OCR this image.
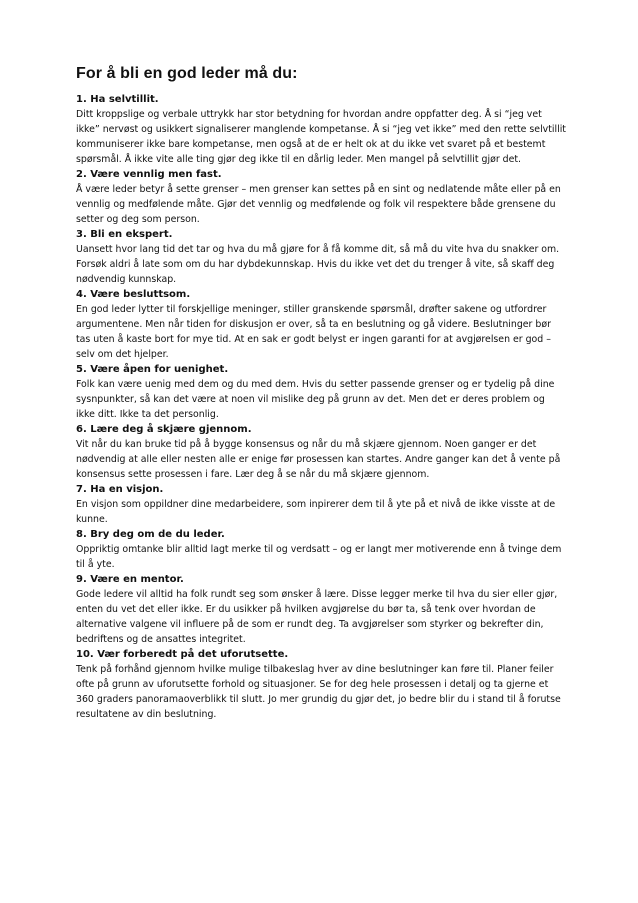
For å bli en god leder må du:

1. Ha selvtillit.

Ditt kroppslige og verbale uttrykk har stor betydning for hvordan andre oppfatter deg. Å si “jeg vet ikke” nervøst og usikkert signaliserer manglende kompetanse. Å si “jeg vet ikke” med den rette selvtillit kommuniserer ikke bare kompetanse, men også at de er helt ok at du ikke vet svaret på et bestemt spørsmål. Å ikke vite alle ting gjør deg ikke til en dårlig leder. Men mangel på selvtillit gjør det.

2. Være vennlig men fast.

Å være leder betyr å sette grenser – men grenser kan settes på en sint og nedlatende måte eller på en vennlig og medfølende måte. Gjør det vennlig og medfølende og folk vil respektere både grensene du setter og deg som person.

3. Bli en ekspert.

Uansett hvor lang tid det tar og hva du må gjøre for å få komme dit, så må du vite hva du snakker om. Forsøk aldri å late som om du har dybdekunnskap. Hvis du ikke vet det du trenger å vite, så skaff deg nødvendig kunnskap.

4. Være besluttsom.

En god leder lytter til forskjellige meninger, stiller granskende spørsmål, drøfter sakene og utfordrer argumentene. Men når tiden for diskusjon er over, så ta en beslutning og gå videre. Beslutninger bør tas uten å kaste bort for mye tid. At en sak er godt belyst er ingen garanti for at avgjørelsen er god – selv om det hjelper.

5. Være åpen for uenighet.

Folk kan være uenig med dem og du med dem. Hvis du setter passende grenser og er tydelig på dine sysnpunkter, så kan det være at noen vil mislike deg på grunn av det. Men det er deres problem og ikke ditt. Ikke ta det personlig.

6. Lære deg å skjære gjennom.

Vit når du kan bruke tid på å bygge konsensus og når du må skjære gjennom. Noen ganger er det nødvendig at alle eller nesten alle er enige før prosessen kan startes. Andre ganger kan det å vente på konsensus sette prosessen i fare. Lær deg å se når du må skjære gjennom.

7. Ha en visjon.

En visjon som oppildner dine medarbeidere, som inpirerer dem til å yte på et nivå de ikke visste at de kunne.

8. Bry deg om de du leder.

Oppriktig omtanke blir alltid lagt merke til og verdsatt – og er langt mer motiverende enn å tvinge dem til å yte.

9. Være en mentor.

Gode ledere vil alltid ha folk rundt seg som ønsker å lære. Disse legger merke til hva du sier eller gjør, enten du vet det eller ikke. Er du usikker på hvilken avgjørelse du bør ta, så tenk over hvordan de alternative valgene vil influere på de som er rundt deg. Ta avgjørelser som styrker og bekrefter din, bedriftens og de ansattes integritet.

10. Vær forberedt på det uforutsette.

Tenk på forhånd gjennom hvilke mulige tilbakeslag hver av dine beslutninger kan føre til. Planer feiler ofte på grunn av uforutsette forhold og situasjoner. Se for deg hele prosessen i detalj og ta gjerne et 360 graders panoramaoverblikk til slutt. Jo mer grundig du gjør det, jo bedre blir du i stand til å forutse resultatene av din beslutning.
